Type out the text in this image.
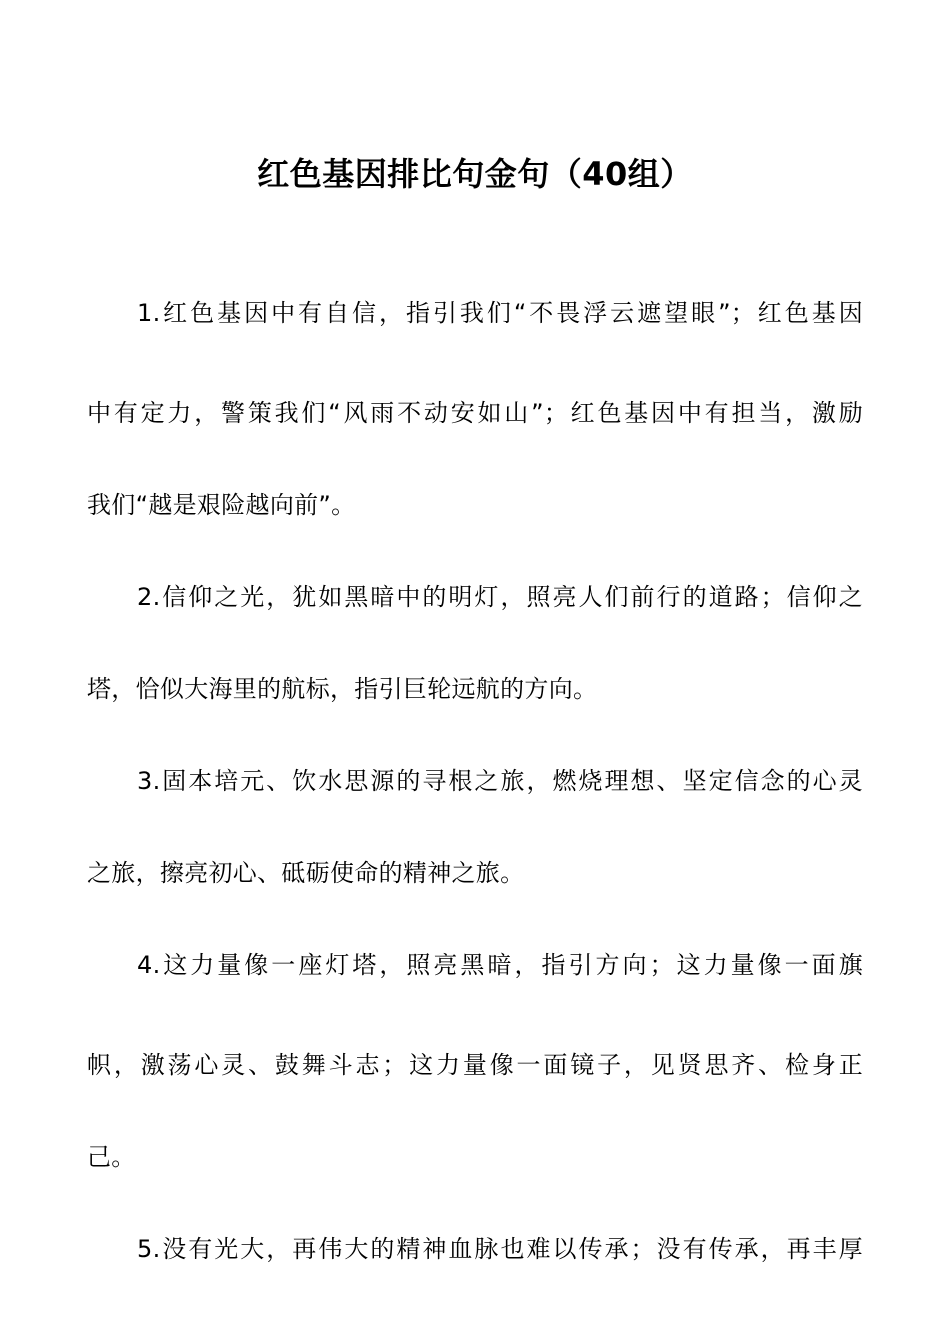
红色基因排比句金句（40组）
1.红色基因中有自信，指引我们“不畏浮云遮望眼”；红色基因
中有定力，警策我们“风雨不动安如山”；红色基因中有担当，激励
我们“越是艰险越向前”。
2.信仰之光，犹如黑暗中的明灯，照亮人们前行的道路；信仰之
塔，恰似大海里的航标，指引巨轮远航的方向。
3.固本培元、饮水思源的寻根之旅，燃烧理想、坚定信念的心灵
之旅，擦亮初心、砥砺使命的精神之旅。
4.这力量像一座灯塔，照亮黑暗，指引方向；这力量像一面旗
帜，激荡心灵、鼓舞斗志；这力量像一面镜子，见贤思齐、检身正
己。
5.没有光大，再伟大的精神血脉也难以传承；没有传承，再丰厚
